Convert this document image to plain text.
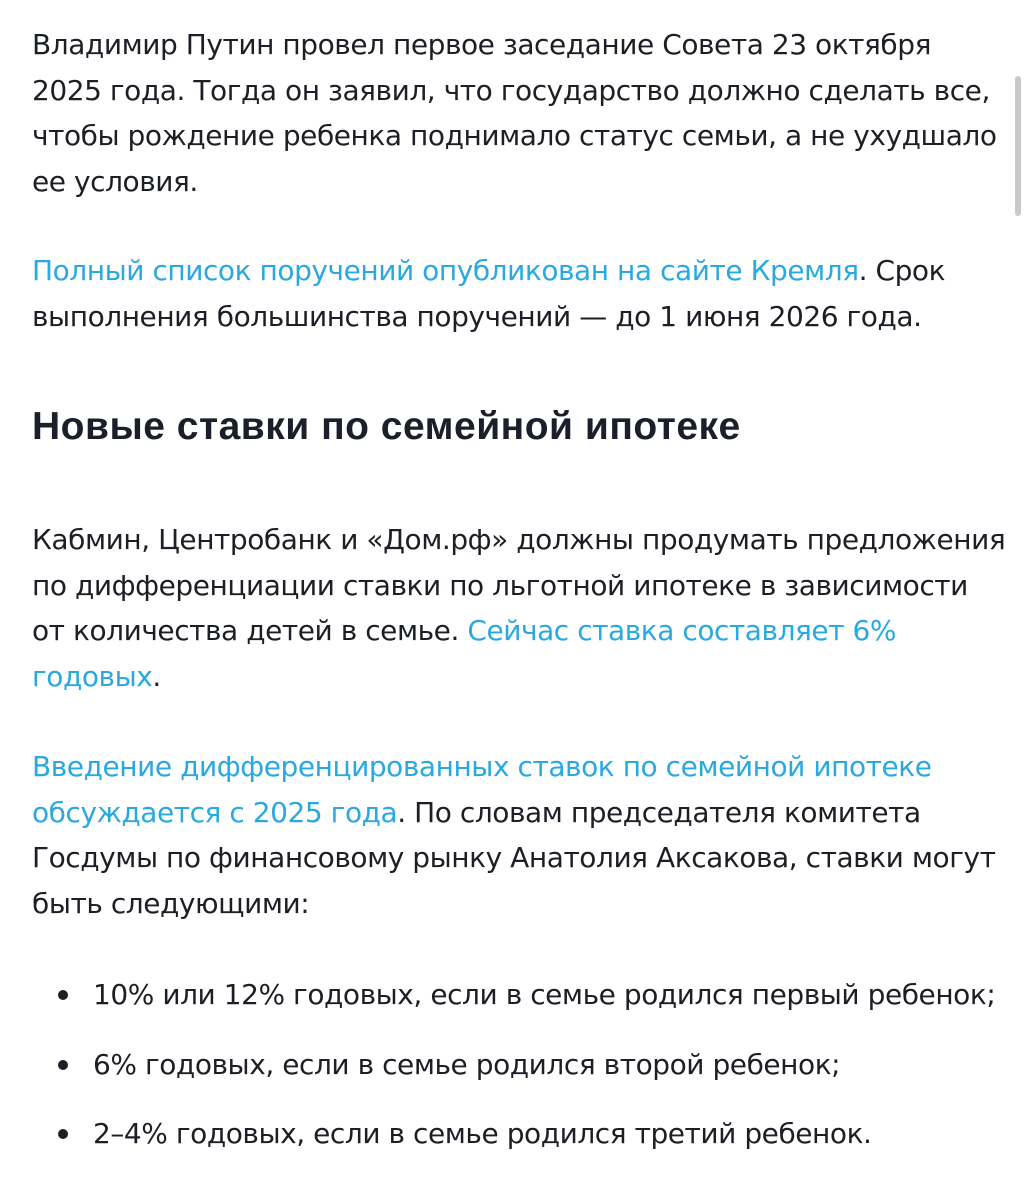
Владимир Путин провел первое заседание Совета 23 октября 2025 года. Тогда он заявил, что государство должно сделать все, чтобы рождение ребенка поднимало статус семьи, а не ухудшало ее условия.

Полный список поручений опубликован на сайте Кремля. Срок выполнения большинства поручений — до 1 июня 2026 года.

Новые ставки по семейной ипотеке

Кабмин, Центробанк и «Дом.рф» должны продумать предложения по дифференциации ставки по льготной ипотеке в зависимости от количества детей в семье. Сейчас ставка составляет 6% годовых.

Введение дифференцированных ставок по семейной ипотеке обсуждается с 2025 года. По словам председателя комитета Госдумы по финансовому рынку Анатолия Аксакова, ставки могут быть следующими:

10% или 12% годовых, если в семье родился первый ребенок;
6% годовых, если в семье родился второй ребенок;
2–4% годовых, если в семье родился третий ребенок.
